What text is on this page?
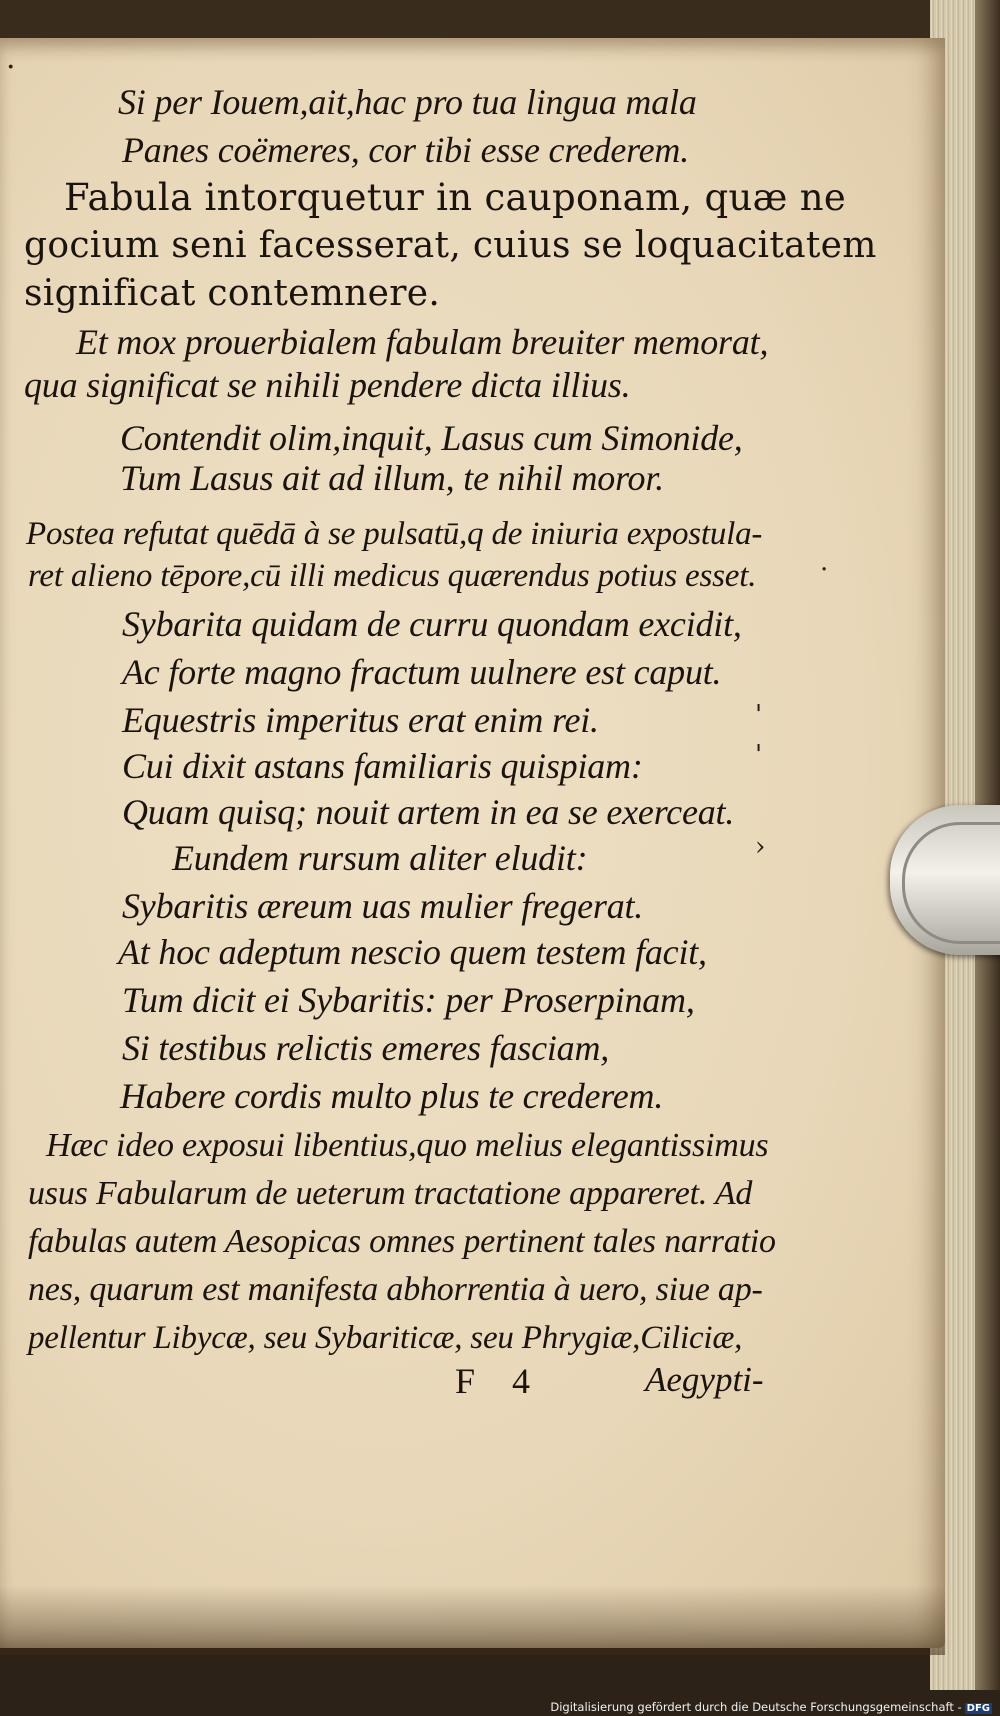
Si per Iouem,ait,hac pro tua lingua mala
Panes coëmeres, cor tibi esse crederem.
Fabula intorquetur in cauponam, quæ ne
gocium seni facesserat, cuius se loquacitatem
significat contemnere.
Et mox prouerbialem fabulam breuiter memorat,
qua significat se nihili pendere dicta illius.
Contendit olim,inquit, Lasus cum Simonide,
Tum Lasus ait ad illum, te nihil moror.
Postea refutat quēdā à se pulsatū,q de iniuria expostula-
ret alieno tēpore,cū illi medicus quærendus potius esset.
Sybarita quidam de curru quondam excidit,
Ac forte magno fractum uulnere est caput.
Equestris imperitus erat enim rei.
Cui dixit astans familiaris quispiam:
Quam quisq; nouit artem in ea se exerceat.
Eundem rursum aliter eludit:
Sybaritis æreum uas mulier fregerat.
At hoc adeptum nescio quem testem facit,
Tum dicit ei Sybaritis: per Proserpinam,
Si testibus relictis emeres fasciam,
Habere cordis multo plus te crederem.
Hæc ideo exposui libentius,quo melius elegantissimus
usus Fabularum de ueterum tractatione appareret. Ad
fabulas autem Aesopicas omnes pertinent tales narratio
nes, quarum est manifesta abhorrentia à uero, siue ap-
pellentur Libycæ, seu Sybariticæ, seu Phrygiæ,Ciliciæ,
F 4	Aegypti-
·
'
'
›
·
Digitalisierung gefördert durch die Deutsche Forschungsgemeinschaft - DFG
